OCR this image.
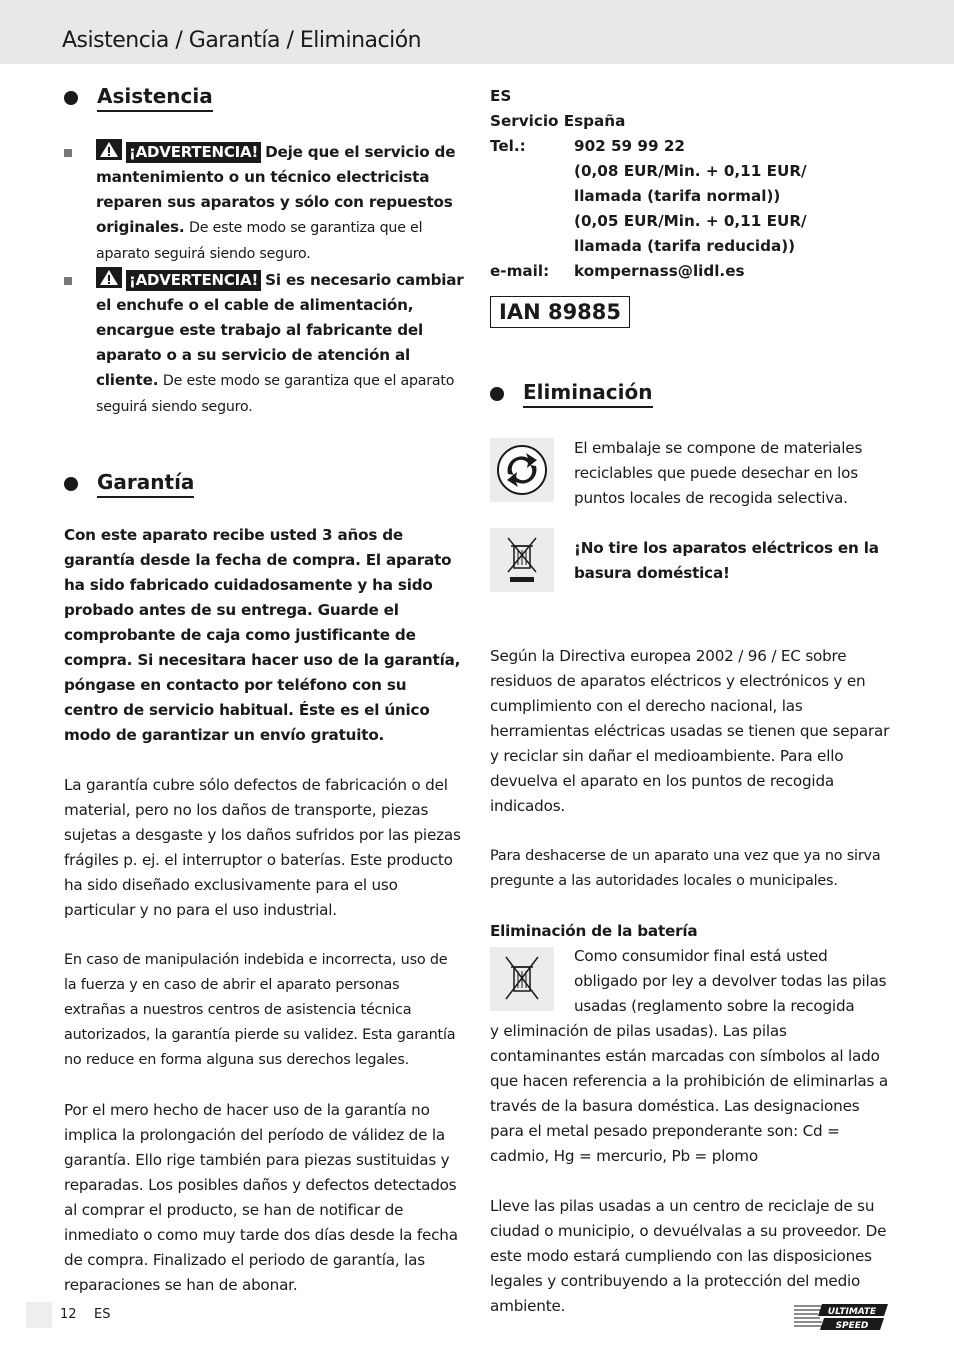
Asistencia / Garantía / Eliminación
Asistencia
¡ADVERTENCIA! Deje que el servicio de mantenimiento o un técnico electricista reparen sus aparatos y sólo con repuestos originales. De este modo se garantiza que el aparato seguirá siendo seguro.
¡ADVERTENCIA! Si es necesario cambiar el enchufe o el cable de alimentación, encargue este trabajo al fabricante del aparato o a su servicio de atención al cliente. De este modo se garantiza que el aparato seguirá siendo seguro.
Garantía

Con este aparato recibe usted 3 años de garantía desde la fecha de compra. El aparato ha sido fabricado cuidadosamente y ha sido probado antes de su entrega. Guarde el comprobante de caja como justificante de compra. Si necesitara hacer uso de la garantía, póngase en contacto por teléfono con su centro de servicio habitual. Éste es el único modo de garantizar un envío gratuito.

La garantía cubre sólo defectos de fabricación o del material, pero no los daños de transporte, piezas sujetas a desgaste y los daños sufridos por las piezas frágiles p. ej. el interruptor o baterías. Este producto ha sido diseñado exclusivamente para el uso particular y no para el uso industrial.

En caso de manipulación indebida e incorrecta, uso de la fuerza y en caso de abrir el aparato personas extrañas a nuestros centros de asistencia técnica autorizados, la garantía pierde su validez. Esta garantía no reduce en forma alguna sus derechos legales.

Por el mero hecho de hacer uso de la garantía no implica la prolongación del período de válidez de la garantía. Ello rige también para piezas sustituidas y reparadas. Los posibles daños y defectos detectados al comprar el producto, se han de notificar de inmediato o como muy tarde dos días desde la fecha de compra. Finalizado el periodo de garantía, las reparaciones se han de abonar.

ES
Servicio España
Tel.:	902 59 99 22
(0,08 EUR/Min. + 0,11 EUR/
llamada (tarifa normal))
(0,05 EUR/Min. + 0,11 EUR/
llamada (tarifa reducida))
e-mail:	kompernass@lidl.es
IAN 89885
Eliminación

El embalaje se compone de materiales reciclables que puede desechar en los puntos locales de recogida selectiva.

¡No tire los aparatos eléctricos en la basura doméstica!

Según la Directiva europea 2002 / 96 / EC sobre residuos de aparatos eléctricos y electrónicos y en cumplimiento con el derecho nacional, las herramientas eléctricas usadas se tienen que separar y reciclar sin dañar el medioambiente. Para ello devuelva el aparato en los puntos de recogida indicados.

Para deshacerse de un aparato una vez que ya no sirva pregunte a las autoridades locales o municipales.

Eliminación de la batería

Como consumidor final está usted obligado por ley a devolver todas las pilas usadas (reglamento sobre la recogida

y eliminación de pilas usadas). Las pilas contaminantes están marcadas con símbolos al lado que hacen referencia a la prohibición de eliminarlas a través de la basura doméstica. Las designaciones para el metal pesado preponderante son: Cd = cadmio, Hg = mercurio, Pb = plomo

Lleve las pilas usadas a un centro de reciclaje de su ciudad o municipio, o devuélvalas a su proveedor. De este modo estará cumpliendo con las disposiciones legales y contribuyendo a la protección del medio ambiente.

12 ES	ULTIMATE
SPEED
